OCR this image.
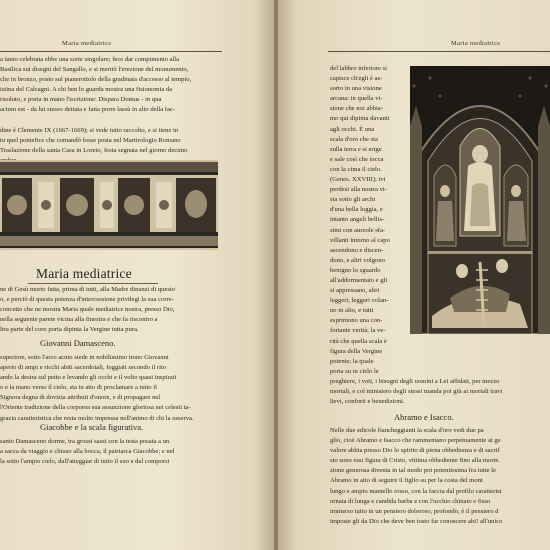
Maria mediatrice
a tanto celebrata ebbe una sorte singolare; fece dar compimento alla
Basilica sui disegni del Sangallo, e si meritò l'erezione del monumento,
che in bronzo, posto sul pianerottolo della gradinata d'accesso al tempio,
istina del Calcagni. A chi ben lo guarda mostra una fisionomia da
risoluto, e porta in mano l'iscrizione: Dispara Domus - in qua
actum est - da lui stesso dettata e fatta porre lassù in alto della fac-
dine è Clemente IX (1667-1669); si vede tutto raccolto, e si tiene in
tu quel pontefice che comandò fosse posta nel Martirologio Romano
Traslazione della santa Casa in Loreto, festa segnata nel giorno decimo
Maria mediatrice
ne di Gesù morto fatta, prima di tutti, alla Madre dinanzi di questo
o, e perciò di questa potenza d'intercessione privilegi la sua corre-
concetto che ne mostra Maria quale mediatrice nostra, presso Dio,
nella seguente parete vicina alla finestra e che fa riscontro a
ltra parte del coro porta dipinta la Vergine tutta pura.
Giovanni Damasceno.
superiore, sotto l'arco acuto siede in nobilissimo trono Giovanni
aperto di ampi e ricchi abiti sacerdotali, foggiati secondo il rito
ando la destra sul petto e levando gli occhi e il volto quasi inspirati
o e la mano verso il cielo, sta in atto di proclamare a tutto il
Signora degna di dovizia attributi d'onore, e di propagare nel
l'Oriente tradizione della corporea sua assunzione gloriosa nei celesti ta-
grazia caratteristica che resta molto impressa nell'animo di chi la osserva.
Giacobbe e la scala figurativa.
santo Damasceno dorme, tra grossi sassi con la testa posata a un
a sacca da viaggio e chiuso alla bocca, il patriarca Giacobbe; e nel
la sotto l'ampio cielo, dall'atteggiar di tutto il suo e dal comporsi
Maria mediatrice
del labbro inferiore si
capisce ch'egli è as-
sorto in una visione
arcana: in quella vi-
sione che noi abbia-
mo qui dipinta davanti
agli occhi. È una
scala d'oro che sta
sulla terra e si erige
e sale così che tocca
con la cima il cielo.
(Genes. XXVIII); ivi
perdesi alla nostra vi-
sta sotto gli archi
d'una bella loggia, e
intanto angeli bellis-
simi con aureole sfa-
villanti intorno al capo
ascendono e discen-
dono, e altri volgono
benigno lo sguardo
all'addormentato e gli
si appressano, altri
leggeri, leggeri volan-
no in alto, e tutti
esprimono una con-
fortante verità; la ve-
rità che quella scala è
figura della Vergine
potente; la quale
porta su in cielo le
preghiere, i voti, i bisogni degli uomini a Lei affidati, per mezzo
mortali, e col ministero degli stessi manda poi giù ai mortali travi
lievi, conforti e benedizioni.
Abramo e Isacco.
Nelle due edicole fiancheggianti la scala d'oro vedi due pa
glio, cioè Abramo e Isacco che rammentano perpetuamente ai ge
valore abbia presso Dio lo spirito di piena obbedienza e di sacrif
sto sono essi figura di Cristo, vittima obbediente fino alla morte.
zione generosa diventa in tal modo poi potentissima fra tutte le
Abramo in atto di seguire il figlio su per la costa del mont
lungo e ampio mantello rosso, con la faccia dal profilo caratterist
ornata di lunga e candida barba e con l'occhio chinato e fisso
immerso tutto in un pensiero doloroso, profondo, è il pensiero d
imposte gli da Dio che deve ben tosto far conoscere ahi! all'unico
